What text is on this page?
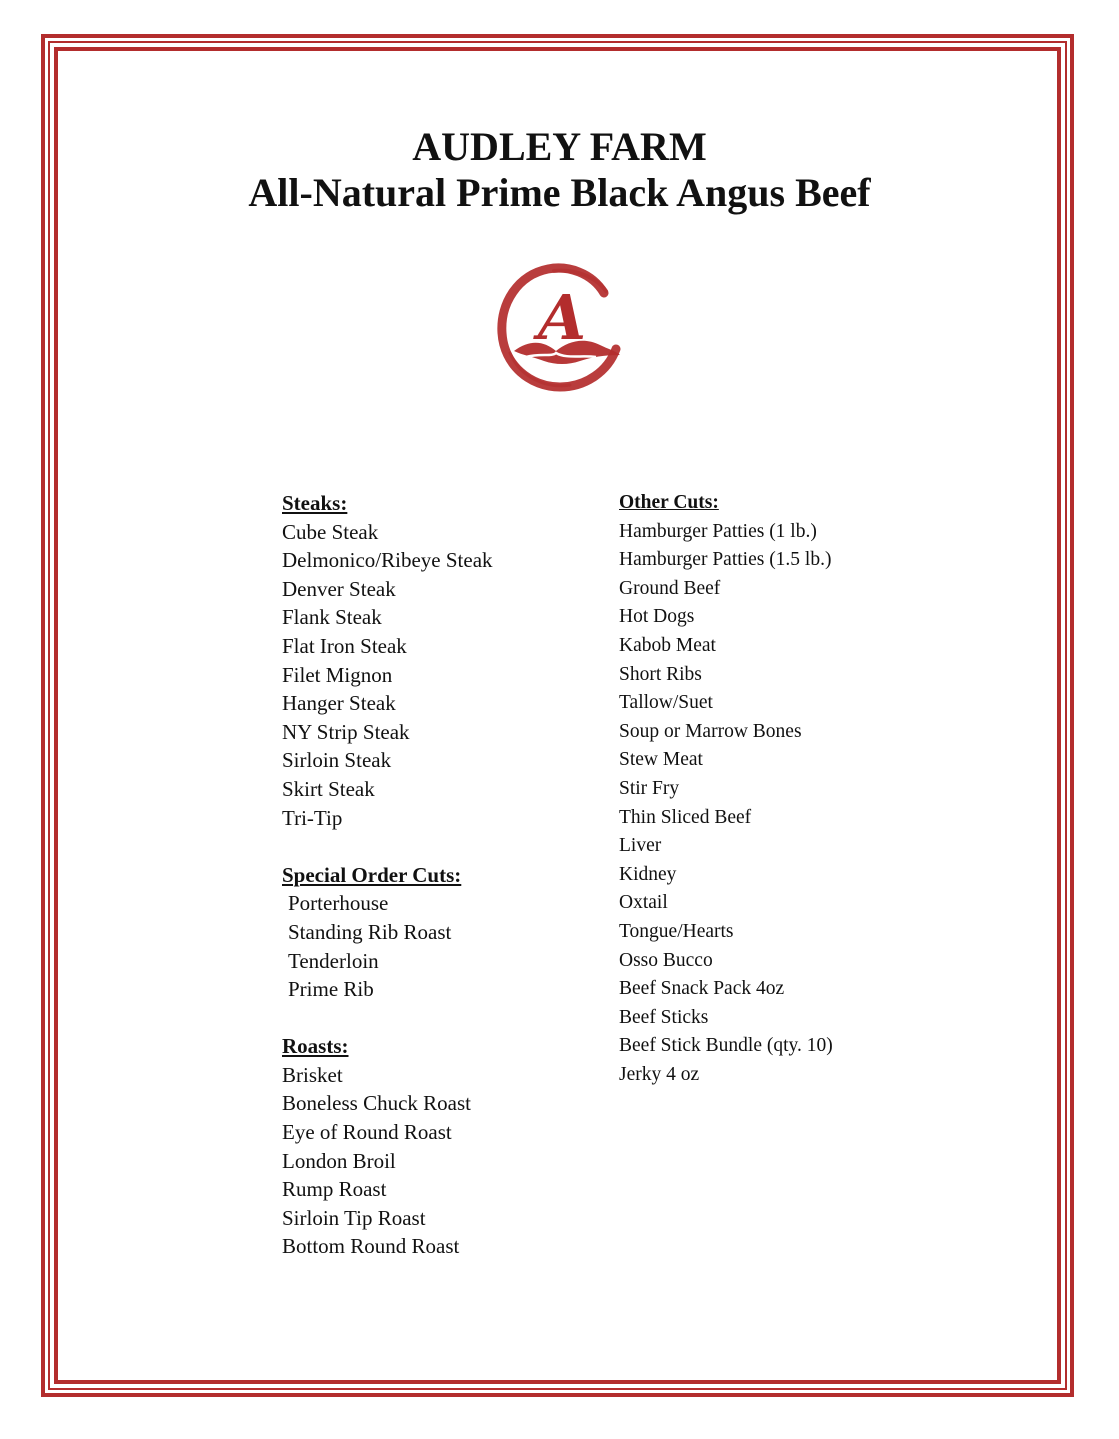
AUDLEY FARM
All-Natural Prime Black Angus Beef
A
Steaks:
Cube Steak
Delmonico/Ribeye Steak
Denver Steak
Flank Steak
Flat Iron Steak
Filet Mignon
Hanger Steak
NY Strip Steak
Sirloin Steak
Skirt Steak
Tri-Tip
Special Order Cuts:
Porterhouse
Standing Rib Roast
Tenderloin
Prime Rib
Roasts:
Brisket
Boneless Chuck Roast
Eye of Round Roast
London Broil
Rump Roast
Sirloin Tip Roast
Bottom Round Roast
Other Cuts:
Hamburger Patties (1 lb.)
Hamburger Patties (1.5 lb.)
Ground Beef
Hot Dogs
Kabob Meat
Short Ribs
Tallow/Suet
Soup or Marrow Bones
Stew Meat
Stir Fry
Thin Sliced Beef
Liver
Kidney
Oxtail
Tongue/Hearts
Osso Bucco
Beef Snack Pack 4oz
Beef Sticks
Beef Stick Bundle (qty. 10)
Jerky 4 oz
